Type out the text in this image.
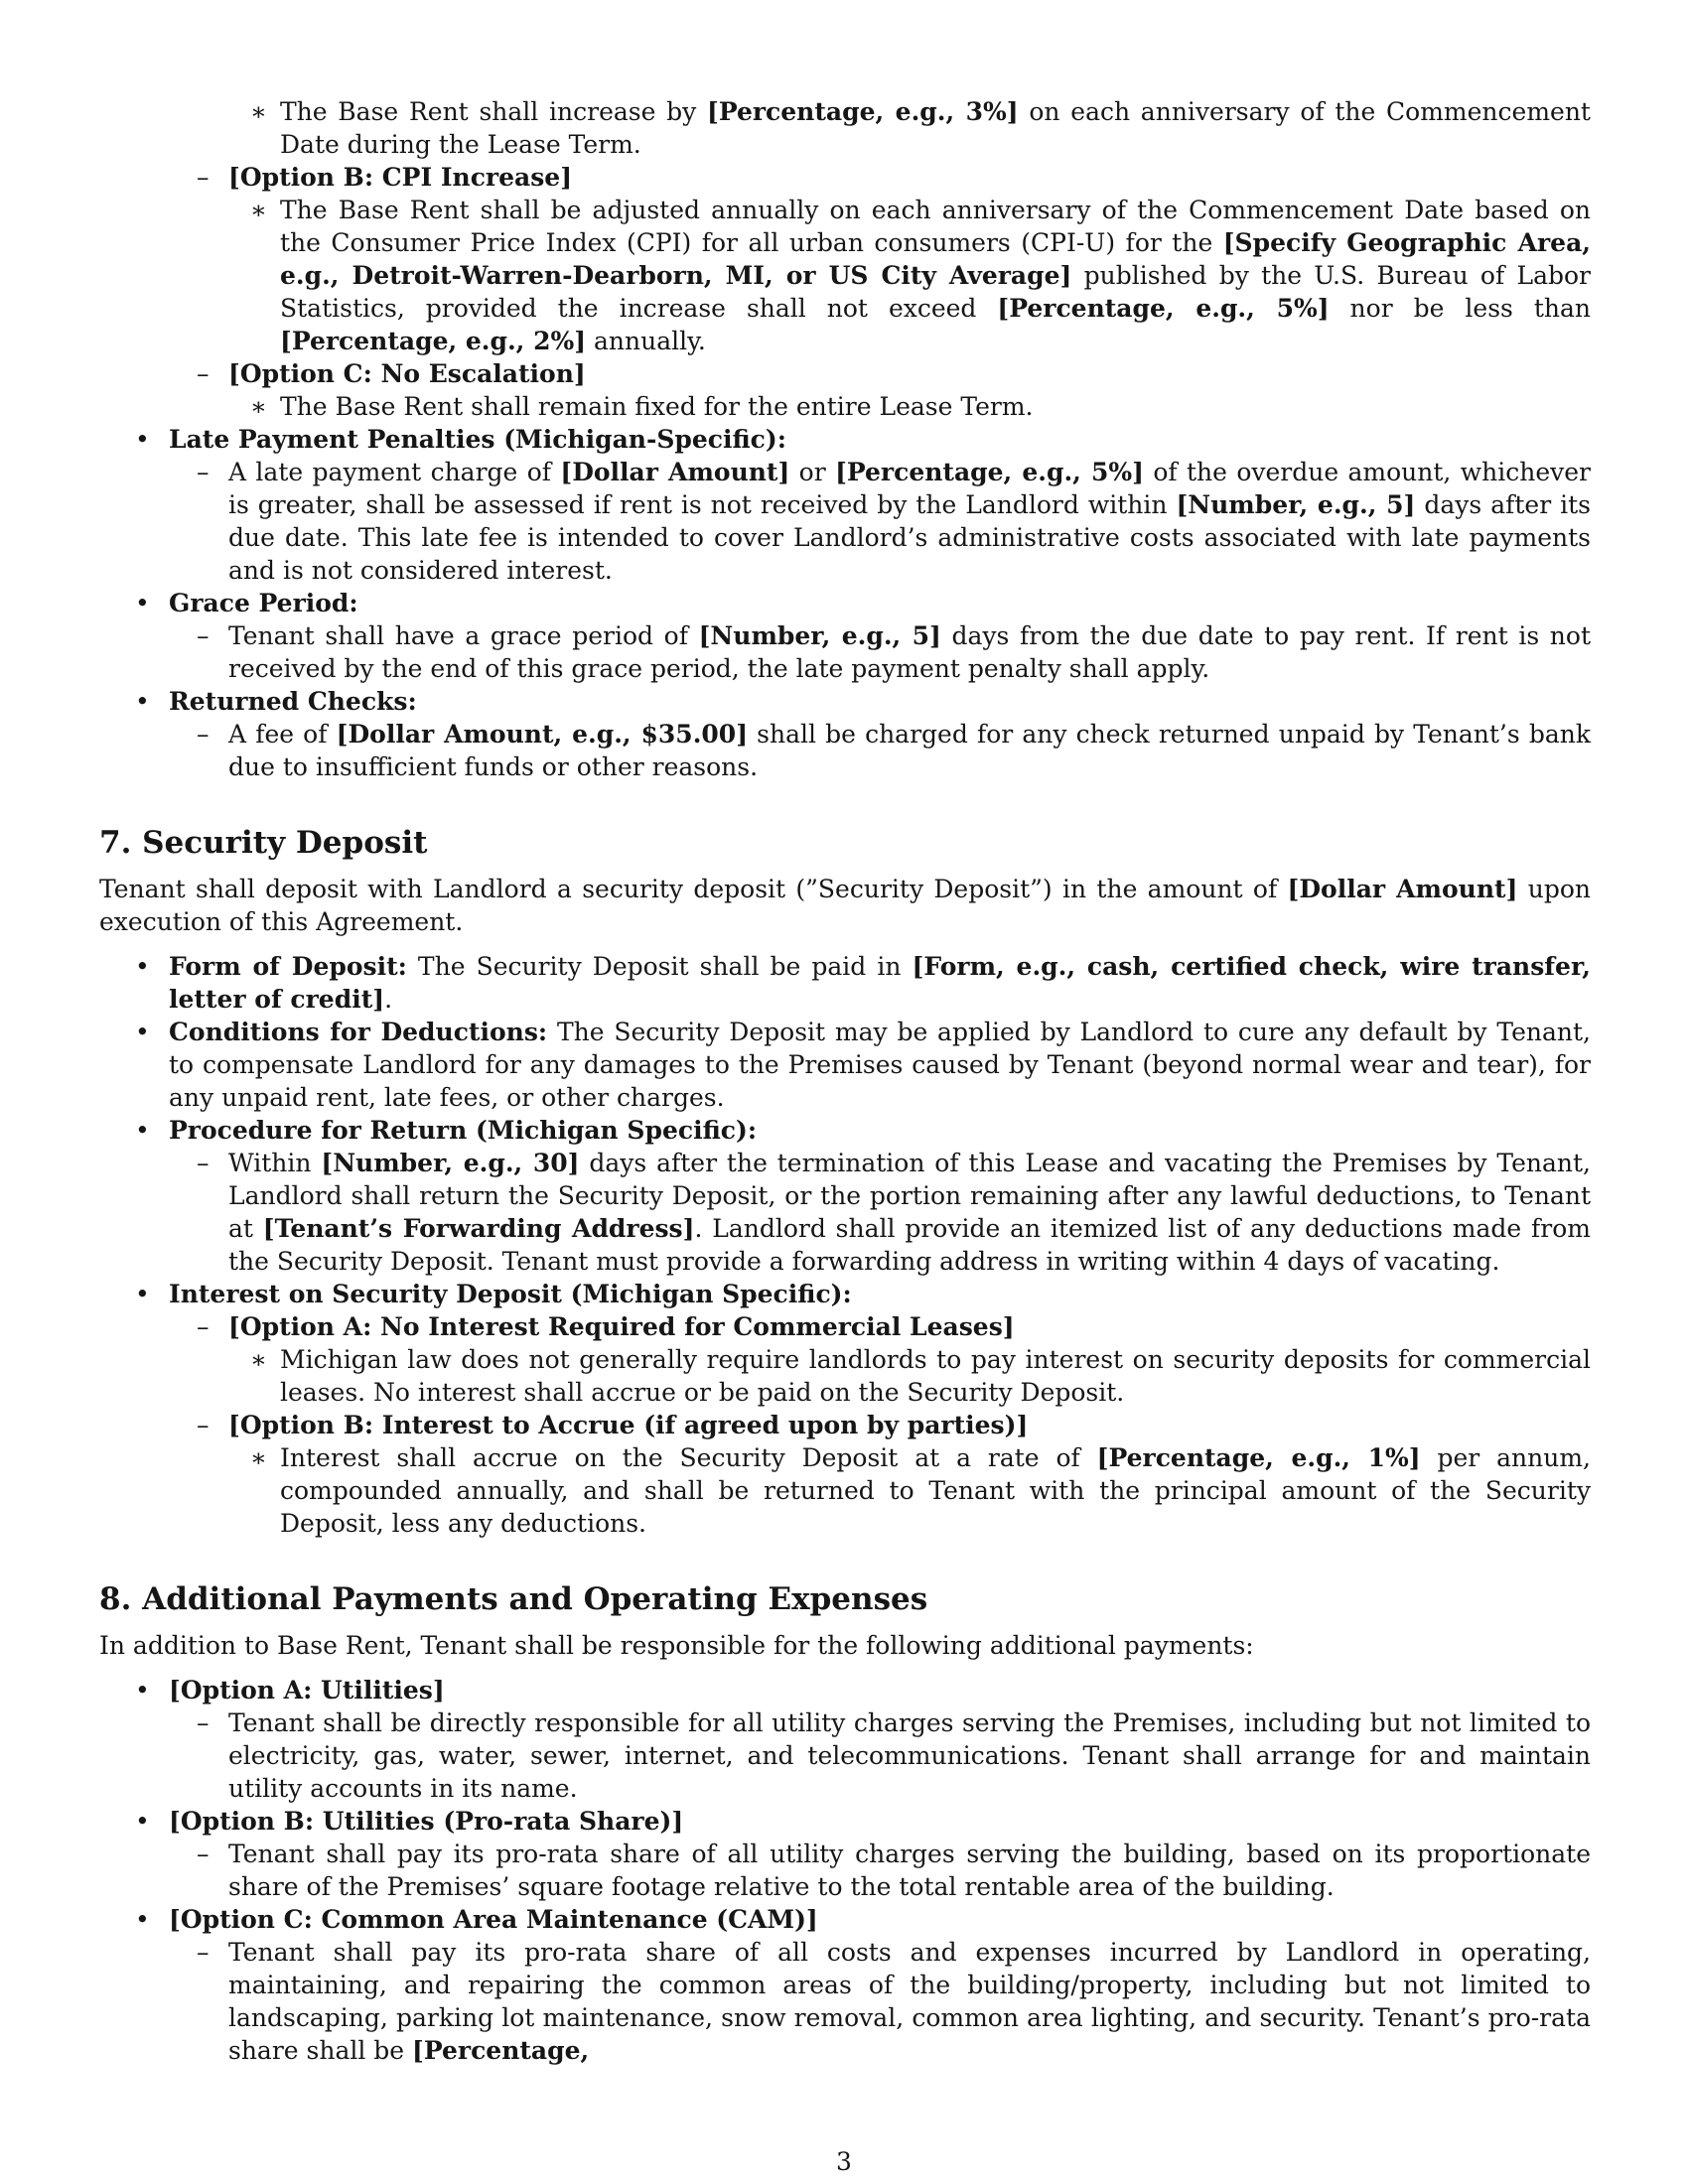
∗ The Base Rent shall increase by [Percentage, e.g., 3%] on each anniversary of the Commencement Date during the Lease Term.
– [Option B: CPI Increase]
∗ The Base Rent shall be adjusted annually on each anniversary of the Commencement Date based on the Consumer Price Index (CPI) for all urban consumers (CPI-U) for the [Specify Geographic Area, e.g., Detroit-Warren-Dearborn, MI, or US City Average] published by the U.S. Bureau of Labor Statistics, provided the increase shall not exceed [Percentage, e.g., 5%] nor be less than [Percentage, e.g., 2%] annually.
– [Option C: No Escalation]
∗ The Base Rent shall remain fixed for the entire Lease Term.
• Late Payment Penalties (Michigan-Specific):
– A late payment charge of [Dollar Amount] or [Percentage, e.g., 5%] of the overdue amount, whichever is greater, shall be assessed if rent is not received by the Landlord within [Number, e.g., 5] days after its due date. This late fee is intended to cover Landlord’s administrative costs associated with late payments and is not considered interest.
• Grace Period:
– Tenant shall have a grace period of [Number, e.g., 5] days from the due date to pay rent. If rent is not received by the end of this grace period, the late payment penalty shall apply.
• Returned Checks:
– A fee of [Dollar Amount, e.g., $35.00] shall be charged for any check returned unpaid by Tenant’s bank due to insufficient funds or other reasons.
7. Security Deposit

Tenant shall deposit with Landlord a security deposit (”Security Deposit”) in the amount of [Dollar Amount] upon execution of this Agreement.

• Form of Deposit: The Security Deposit shall be paid in [Form, e.g., cash, certified check, wire transfer, letter of credit].
• Conditions for Deductions: The Security Deposit may be applied by Landlord to cure any default by Tenant, to compensate Landlord for any damages to the Premises caused by Tenant (beyond normal wear and tear), for any unpaid rent, late fees, or other charges.
• Procedure for Return (Michigan Specific):
– Within [Number, e.g., 30] days after the termination of this Lease and vacating the Premises by Tenant, Landlord shall return the Security Deposit, or the portion remaining after any lawful deductions, to Tenant at [Tenant’s Forwarding Address]. Landlord shall provide an itemized list of any deductions made from the Security Deposit. Tenant must provide a forwarding address in writing within 4 days of vacating.
• Interest on Security Deposit (Michigan Specific):
– [Option A: No Interest Required for Commercial Leases]
∗ Michigan law does not generally require landlords to pay interest on security deposits for commercial leases. No interest shall accrue or be paid on the Security Deposit.
– [Option B: Interest to Accrue (if agreed upon by parties)]
∗ Interest shall accrue on the Security Deposit at a rate of [Percentage, e.g., 1%] per annum, compounded annually, and shall be returned to Tenant with the principal amount of the Security Deposit, less any deductions.
8. Additional Payments and Operating Expenses

In addition to Base Rent, Tenant shall be responsible for the following additional payments:

• [Option A: Utilities]
– Tenant shall be directly responsible for all utility charges serving the Premises, including but not limited to electricity, gas, water, sewer, internet, and telecommunications. Tenant shall arrange for and maintain utility accounts in its name.
• [Option B: Utilities (Pro-rata Share)]
– Tenant shall pay its pro-rata share of all utility charges serving the building, based on its proportionate share of the Premises’ square footage relative to the total rentable area of the building.
• [Option C: Common Area Maintenance (CAM)]
– Tenant shall pay its pro-rata share of all costs and expenses incurred by Landlord in operating, maintaining, and repairing the common areas of the building/property, including but not limited to landscaping, parking lot maintenance, snow removal, common area lighting, and security. Tenant’s pro-rata share shall be [Percentage,
3
